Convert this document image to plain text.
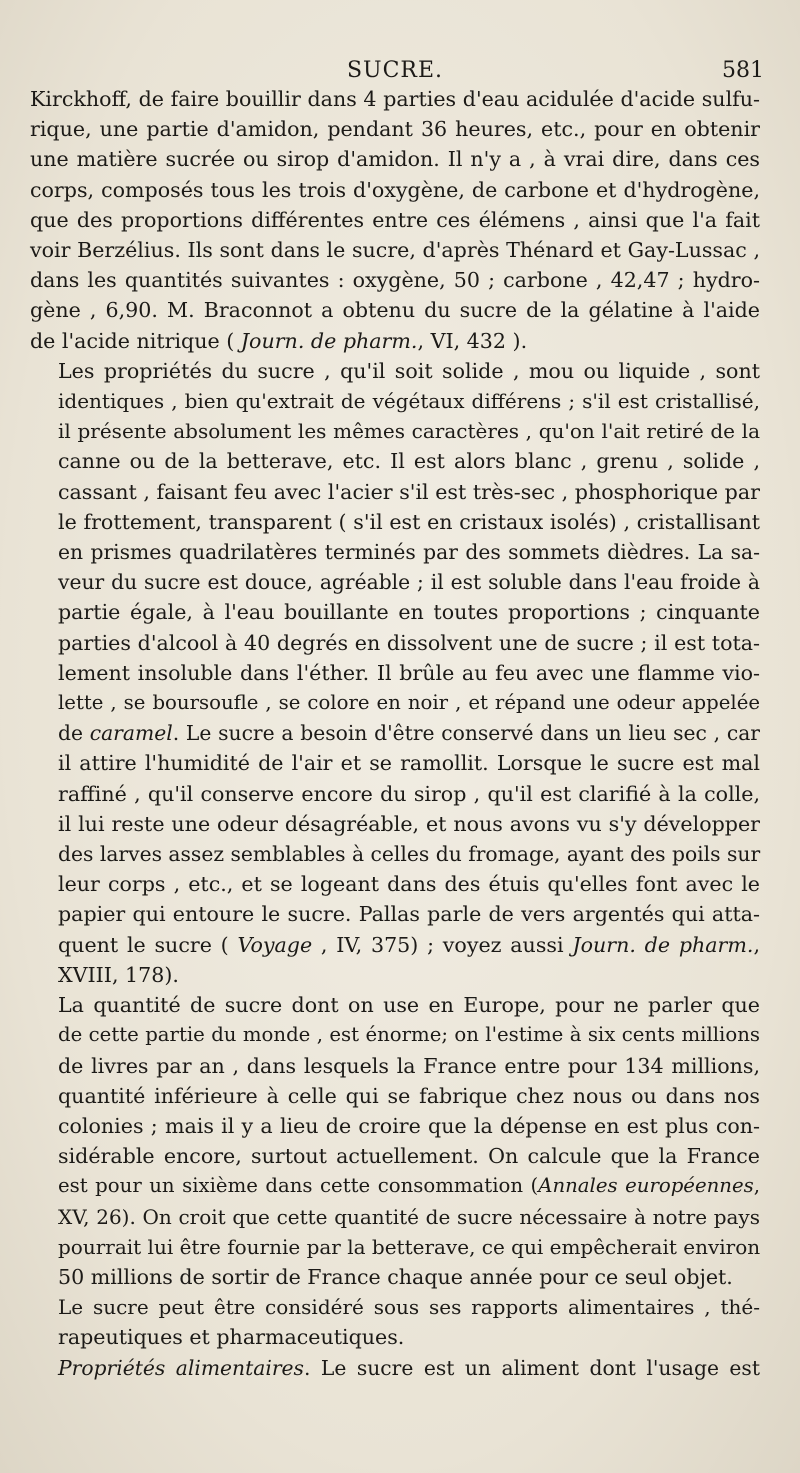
SUCRE.	581

Kirckhoff, de faire bouillir dans 4 parties d'eau acidulée d'acide sulfu-
rique, une partie d'amidon, pendant 36 heures, etc., pour en obtenir
une matière sucrée ou sirop d'amidon. Il n'y a , à vrai dire, dans ces
corps, composés tous les trois d'oxygène, de carbone et d'hydrogène,
que des proportions différentes entre ces élémens , ainsi que l'a fait
voir Berzélius. Ils sont dans le sucre, d'après Thénard et Gay-Lussac ,
dans les quantités suivantes : oxygène, 50 ; carbone , 42,47 ; hydro-
gène , 6,90. M. Braconnot a obtenu du sucre de la gélatine à l'aide
de l'acide nitrique ( Journ. de pharm., VI, 432 ).

Les propriétés du sucre , qu'il soit solide , mou ou liquide , sont
identiques , bien qu'extrait de végétaux différens ; s'il est cristallisé,
il présente absolument les mêmes caractères , qu'on l'ait retiré de la
canne ou de la betterave, etc. Il est alors blanc , grenu , solide ,
cassant , faisant feu avec l'acier s'il est très-sec , phosphorique par
le frottement, transparent ( s'il est en cristaux isolés) , cristallisant
en prismes quadrilatères terminés par des sommets dièdres. La sa-
veur du sucre est douce, agréable ; il est soluble dans l'eau froide à
partie égale, à l'eau bouillante en toutes proportions ; cinquante
parties d'alcool à 40 degrés en dissolvent une de sucre ; il est tota-
lement insoluble dans l'éther. Il brûle au feu avec une flamme vio-
lette , se boursoufle , se colore en noir , et répand une odeur appelée
de caramel. Le sucre a besoin d'être conservé dans un lieu sec , car
il attire l'humidité de l'air et se ramollit. Lorsque le sucre est mal
raffiné , qu'il conserve encore du sirop , qu'il est clarifié à la colle,
il lui reste une odeur désagréable, et nous avons vu s'y développer
des larves assez semblables à celles du fromage, ayant des poils sur
leur corps , etc., et se logeant dans des étuis qu'elles font avec le
papier qui entoure le sucre. Pallas parle de vers argentés qui atta-
quent le sucre ( Voyage , IV, 375) ; voyez aussi Journ. de pharm.,
XVIII, 178).

La quantité de sucre dont on use en Europe, pour ne parler que
de cette partie du monde , est énorme; on l'estime à six cents millions
de livres par an , dans lesquels la France entre pour 134 millions,
quantité inférieure à celle qui se fabrique chez nous ou dans nos
colonies ; mais il y a lieu de croire que la dépense en est plus con-
sidérable encore, surtout actuellement. On calcule que la France
est pour un sixième dans cette consommation (Annales européennes,
XV, 26). On croit que cette quantité de sucre nécessaire à notre pays
pourrait lui être fournie par la betterave, ce qui empêcherait environ
50 millions de sortir de France chaque année pour ce seul objet.

Le sucre peut être considéré sous ses rapports alimentaires , thé-
rapeutiques et pharmaceutiques.

Propriétés alimentaires. Le sucre est un aliment dont l'usage est
